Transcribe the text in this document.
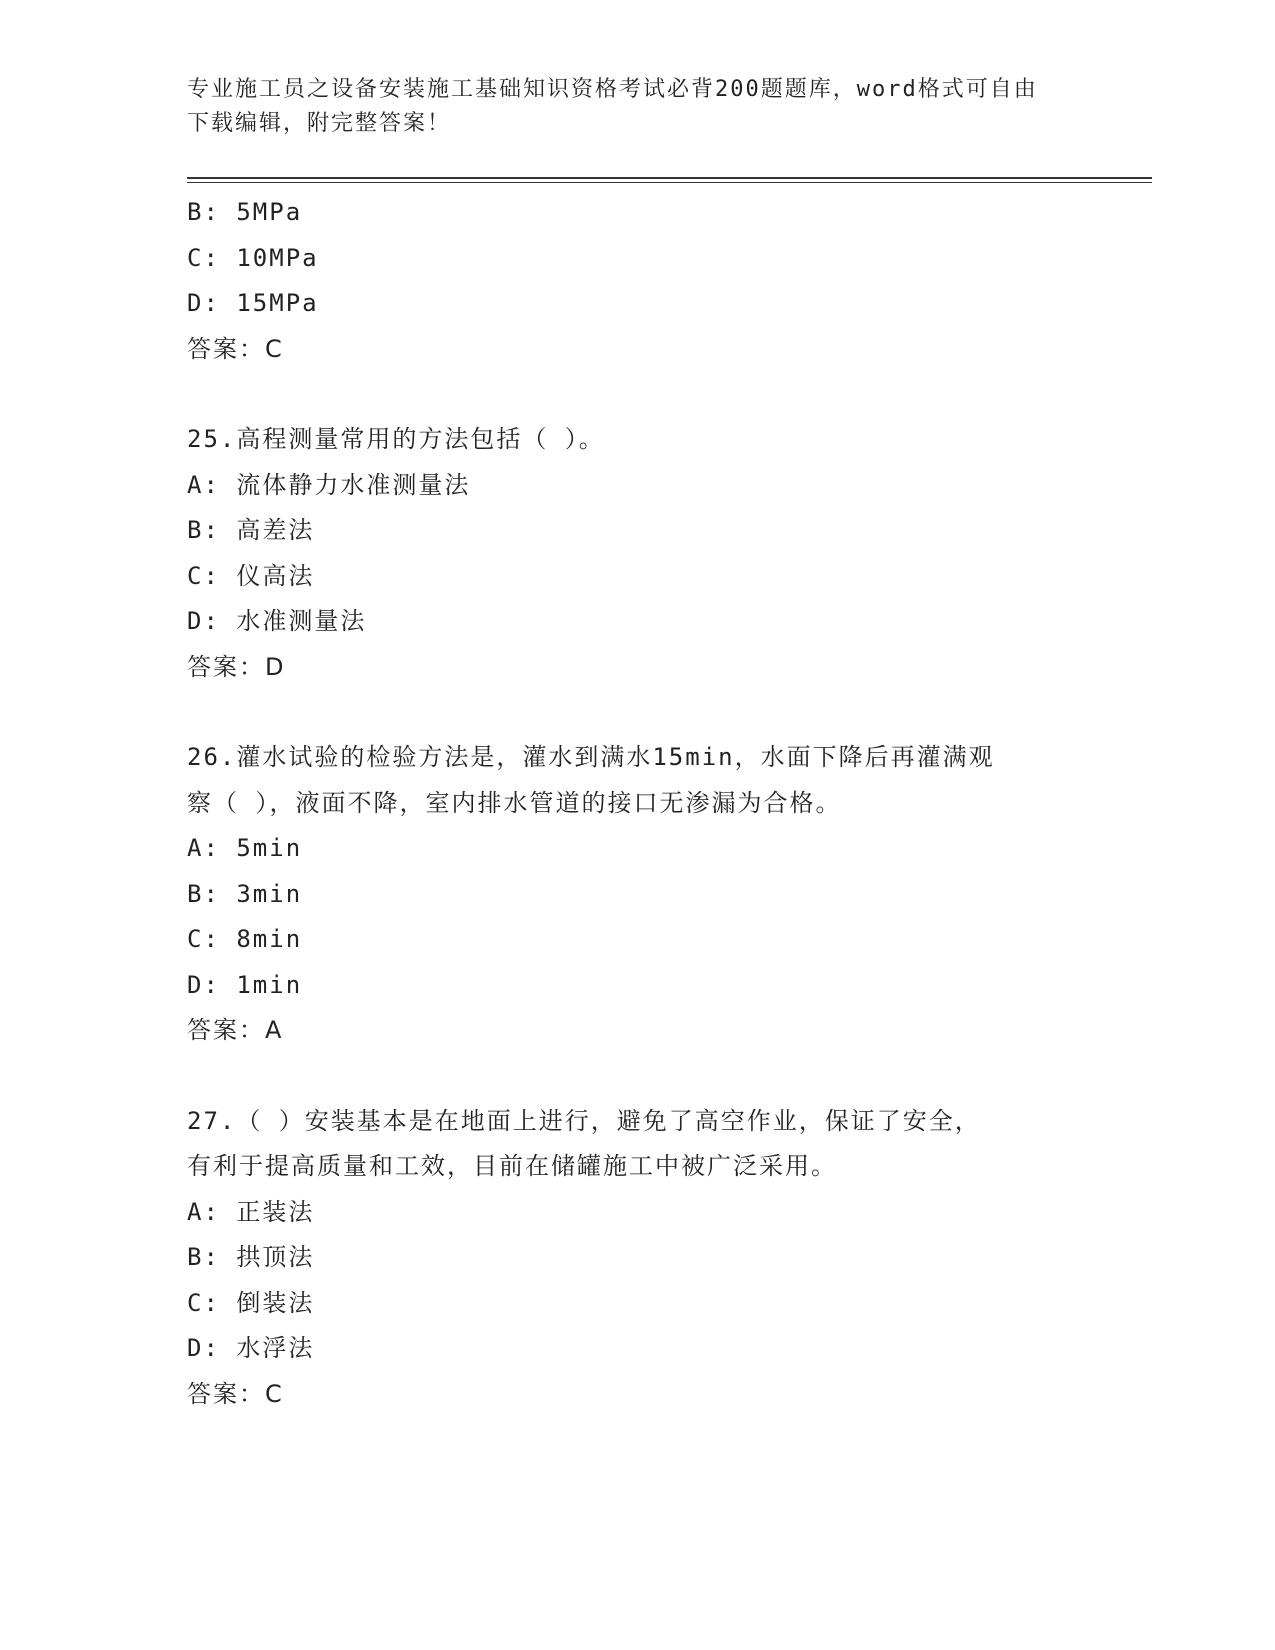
专业施工员之设备安装施工基础知识资格考试必背200题题库，word格式可自由
下载编辑，附完整答案！
B: 5MPa
C: 10MPa
D: 15MPa
答案：C
25.高程测量常用的方法包括（ ）。
A: 流体静力水准测量法
B: 高差法
C: 仪高法
D: 水准测量法
答案：D
26.灌水试验的检验方法是，灌水到满水15min，水面下降后再灌满观
察（ ），液面不降，室内排水管道的接口无渗漏为合格。
A: 5min
B: 3min
C: 8min
D: 1min
答案：A
27.（ ）安装基本是在地面上进行，避免了高空作业，保证了安全，
有利于提高质量和工效，目前在储罐施工中被广泛采用。
A: 正装法
B: 拱顶法
C: 倒装法
D: 水浮法
答案：C
